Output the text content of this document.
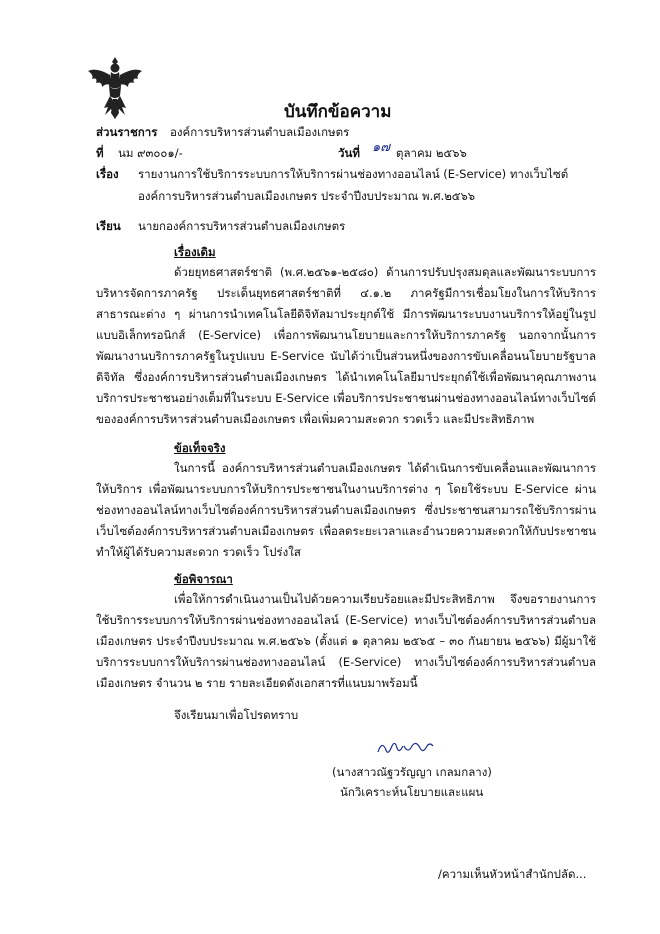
บันทึกข้อความ
ส่วนราชการ องค์การบริหารส่วนตำบลเมืองเกษตร
ที่ นม ๙๓๐๐๑/-	วันที่ ๑๗ ตุลาคม ๒๕๖๖
เรื่อง รายงานการใช้บริการระบบการให้บริการผ่านช่องทางออนไลน์ (E-Service) ทางเว็บไซต์
องค์การบริหารส่วนตำบลเมืองเกษตร ประจำปีงบประมาณ พ.ศ.๒๕๖๖
เรียน นายกองค์การบริหารส่วนตำบลเมืองเกษตร
เรื่องเดิม

ด้วยยุทธศาสตร์ชาติ (พ.ศ.๒๕๖๑-๒๕๘๐) ด้านการปรับปรุงสมดุลและพัฒนาระบบการบริหารจัดการภาครัฐ ประเด็นยุทธศาสตร์ชาติที่ ๔.๑.๒ ภาครัฐมีการเชื่อมโยงในการให้บริการสาธารณะต่าง ๆ ผ่านการนำเทคโนโลยีดิจิทัลมาประยุกต์ใช้ มีการพัฒนาระบบงานบริการให้อยู่ในรูปแบบอิเล็กทรอนิกส์ (E-Service) เพื่อการพัฒนานโยบายและการให้บริการภาครัฐ นอกจากนั้นการพัฒนางานบริการภาครัฐในรูปแบบ E-Service นับได้ว่าเป็นส่วนหนึ่งของการขับเคลื่อนนโยบายรัฐบาลดิจิทัล ซึ่งองค์การบริหารส่วนตำบลเมืองเกษตร ได้นำเทคโนโลยีมาประยุกต์ใช้เพื่อพัฒนาคุณภาพงานบริการประชาชนอย่างเต็มที่ในระบบ E-Service เพื่อบริการประชาชนผ่านช่องทางออนไลน์ทางเว็บไซต์ขององค์การบริหารส่วนตำบลเมืองเกษตร เพื่อเพิ่มความสะดวก รวดเร็ว และมีประสิทธิภาพ

ข้อเท็จจริง

ในการนี้ องค์การบริหารส่วนตำบลเมืองเกษตร ได้ดำเนินการขับเคลื่อนและพัฒนาการให้บริการ เพื่อพัฒนาระบบการให้บริการประชาชนในงานบริการต่าง ๆ โดยใช้ระบบ E-Service ผ่านช่องทางออนไลน์ทางเว็บไซต์องค์การบริหารส่วนตำบลเมืองเกษตร ซึ่งประชาชนสามารถใช้บริการผ่านเว็บไซต์องค์การบริหารส่วนตำบลเมืองเกษตร เพื่อลดระยะเวลาและอำนวยความสะดวกให้กับประชาชนทำให้ผู้ได้รับความสะดวก รวดเร็ว โปร่งใส

ข้อพิจารณา

เพื่อให้การดำเนินงานเป็นไปด้วยความเรียบร้อยและมีประสิทธิภาพ จึงขอรายงานการใช้บริการระบบการให้บริการผ่านช่องทางออนไลน์ (E-Service) ทางเว็บไซต์องค์การบริหารส่วนตำบลเมืองเกษตร ประจำปีงบประมาณ พ.ศ.๒๕๖๖ (ตั้งแต่ ๑ ตุลาคม ๒๕๖๕ – ๓๐ กันยายน ๒๕๖๖) มีผู้มาใช้บริการระบบการให้บริการผ่านช่องทางออนไลน์ (E-Service) ทางเว็บไซต์องค์การบริหารส่วนตำบลเมืองเกษตร จำนวน ๒ ราย รายละเอียดดังเอกสารที่แนบมาพร้อมนี้

จึงเรียนมาเพื่อโปรดทราบ
(นางสาวณัฐวรัญญา เกลมกลาง)
นักวิเคราะห์นโยบายและแผน
/ความเห็นหัวหน้าสำนักปลัด...
